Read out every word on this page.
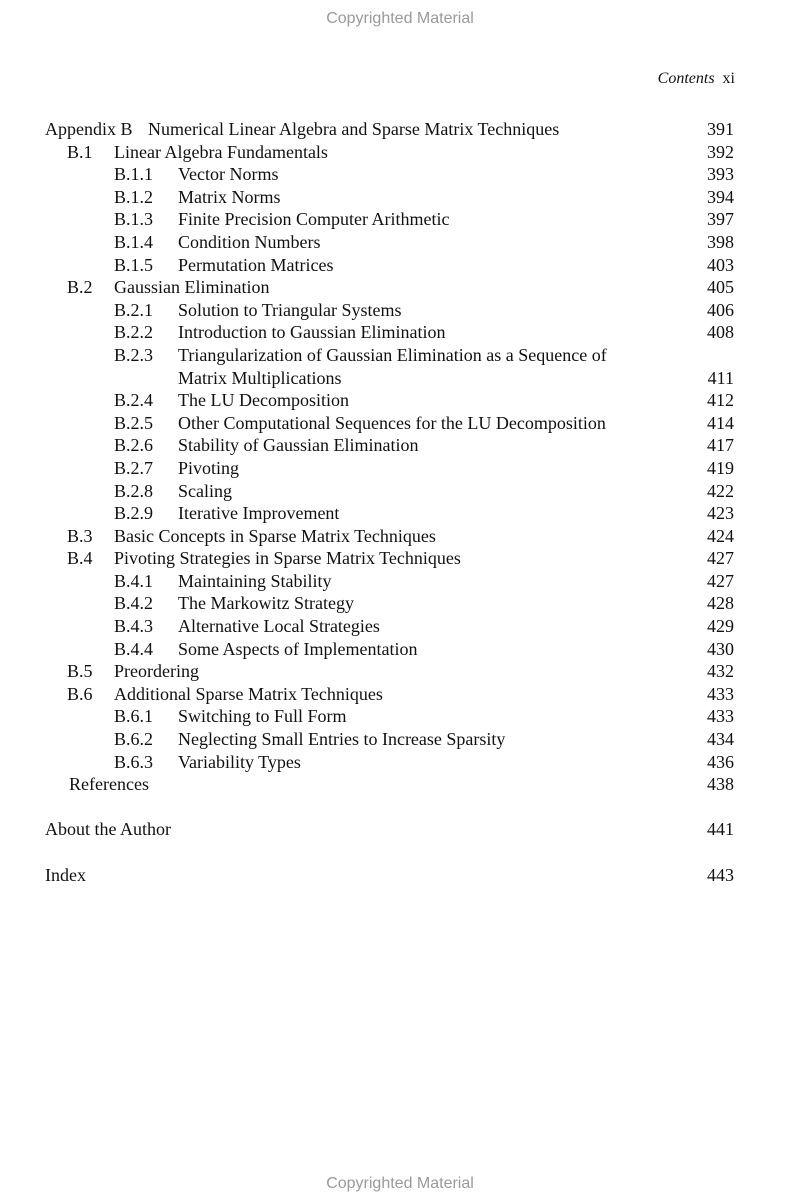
Copyrighted Material
Contents xi
Appendix B Numerical Linear Algebra and Sparse Matrix Techniques	391
B.1 Linear Algebra Fundamentals	392
B.1.1 Vector Norms	393
B.1.2 Matrix Norms	394
B.1.3 Finite Precision Computer Arithmetic	397
B.1.4 Condition Numbers	398
B.1.5 Permutation Matrices	403
B.2 Gaussian Elimination	405
B.2.1 Solution to Triangular Systems	406
B.2.2 Introduction to Gaussian Elimination	408
B.2.3 Triangularization of Gaussian Elimination as a Sequence of Matrix Multiplications	411
B.2.4 The LU Decomposition	412
B.2.5 Other Computational Sequences for the LU Decomposition	414
B.2.6 Stability of Gaussian Elimination	417
B.2.7 Pivoting	419
B.2.8 Scaling	422
B.2.9 Iterative Improvement	423
B.3 Basic Concepts in Sparse Matrix Techniques	424
B.4 Pivoting Strategies in Sparse Matrix Techniques	427
B.4.1 Maintaining Stability	427
B.4.2 The Markowitz Strategy	428
B.4.3 Alternative Local Strategies	429
B.4.4 Some Aspects of Implementation	430
B.5 Preordering	432
B.6 Additional Sparse Matrix Techniques	433
B.6.1 Switching to Full Form	433
B.6.2 Neglecting Small Entries to Increase Sparsity	434
B.6.3 Variability Types	436
References	438
About the Author	441
Index	443
Copyrighted Material
